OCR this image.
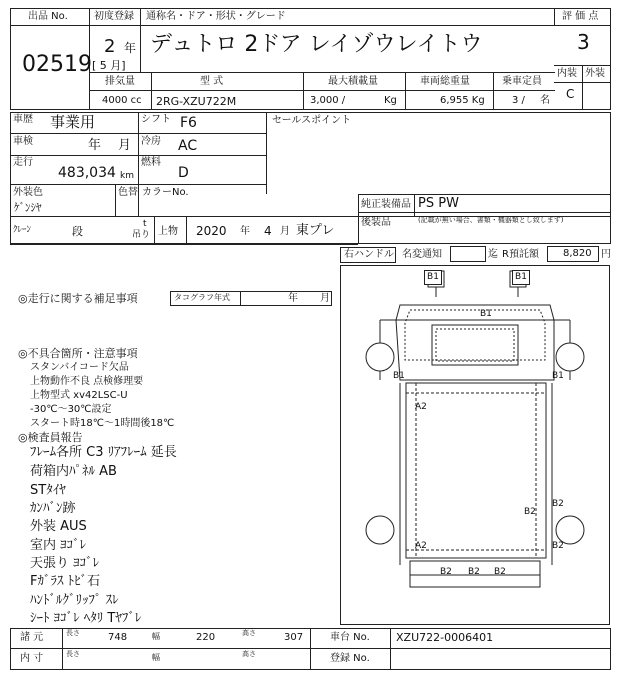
出品 No.
02519
初度登録
2 年
[ 5 月]
通称名・ドア・形状・グレード
デュトロ 2ドア レイゾウレイトウ
評 価 点
3
内装 外装
C
排気量
4000 cc
型 式
2RG-XZU722M
最大積載量
3,000 /	Kg
車両総重量
6,955 Kg
乗車定員
3 / 名
車歴 事業用	シフト F6
車検	年 月 冷房 AC
走行
483,034 km
燃料
D
外装色
ｹﾞﾝｼﾔ
色替 カラーNo.
セールスポイント
純正装備品 PS PW
後装品	(記載が無い場合、書類・機器類とし致します)
ｸﾚｰﾝ	段
t
吊り 上物 2020 年 4 月 東プレ
右ハンドル 名変通知	迄 R預託額 8,820 円
◎走行に関する補足事項	タコグラフ年式	年 月
◎不具合箇所・注意事項
スタンバイコード欠品
上物動作不良 点検修理要
上物型式 xv42LSC-U
-30℃～30℃設定
スタート時18℃～1時間後18℃
◎検査員報告
ﾌﾚｰﾑ各所 C3 ﾘｱﾌﾚｰﾑ 延長
荷箱内ﾊﾟﾈﾙ AB
STﾀｲﾔ
ｶﾝﾊﾞﾝ跡
外装 AUS
室内 ﾖｺﾞﾚ
天張り ﾖｺﾞﾚ
Fｶﾞﾗｽ ﾄﾋﾞ石
ﾊﾝﾄﾞﾙｸﾞﾘｯﾌﾟ ｽﾚ
ｼｰﾄ ﾖｺﾞﾚ ﾍﾀﾘ Tﾔﾌﾞﾚ
B1	B1
B1
B1	B1
A2
A2
B2
B2
B2
B2 B2 B2
諸 元	長さ	748	幅	220	高さ	307	車台 No. XZU722-0006401
内 寸	長さ	幅	高さ	登録 No.
